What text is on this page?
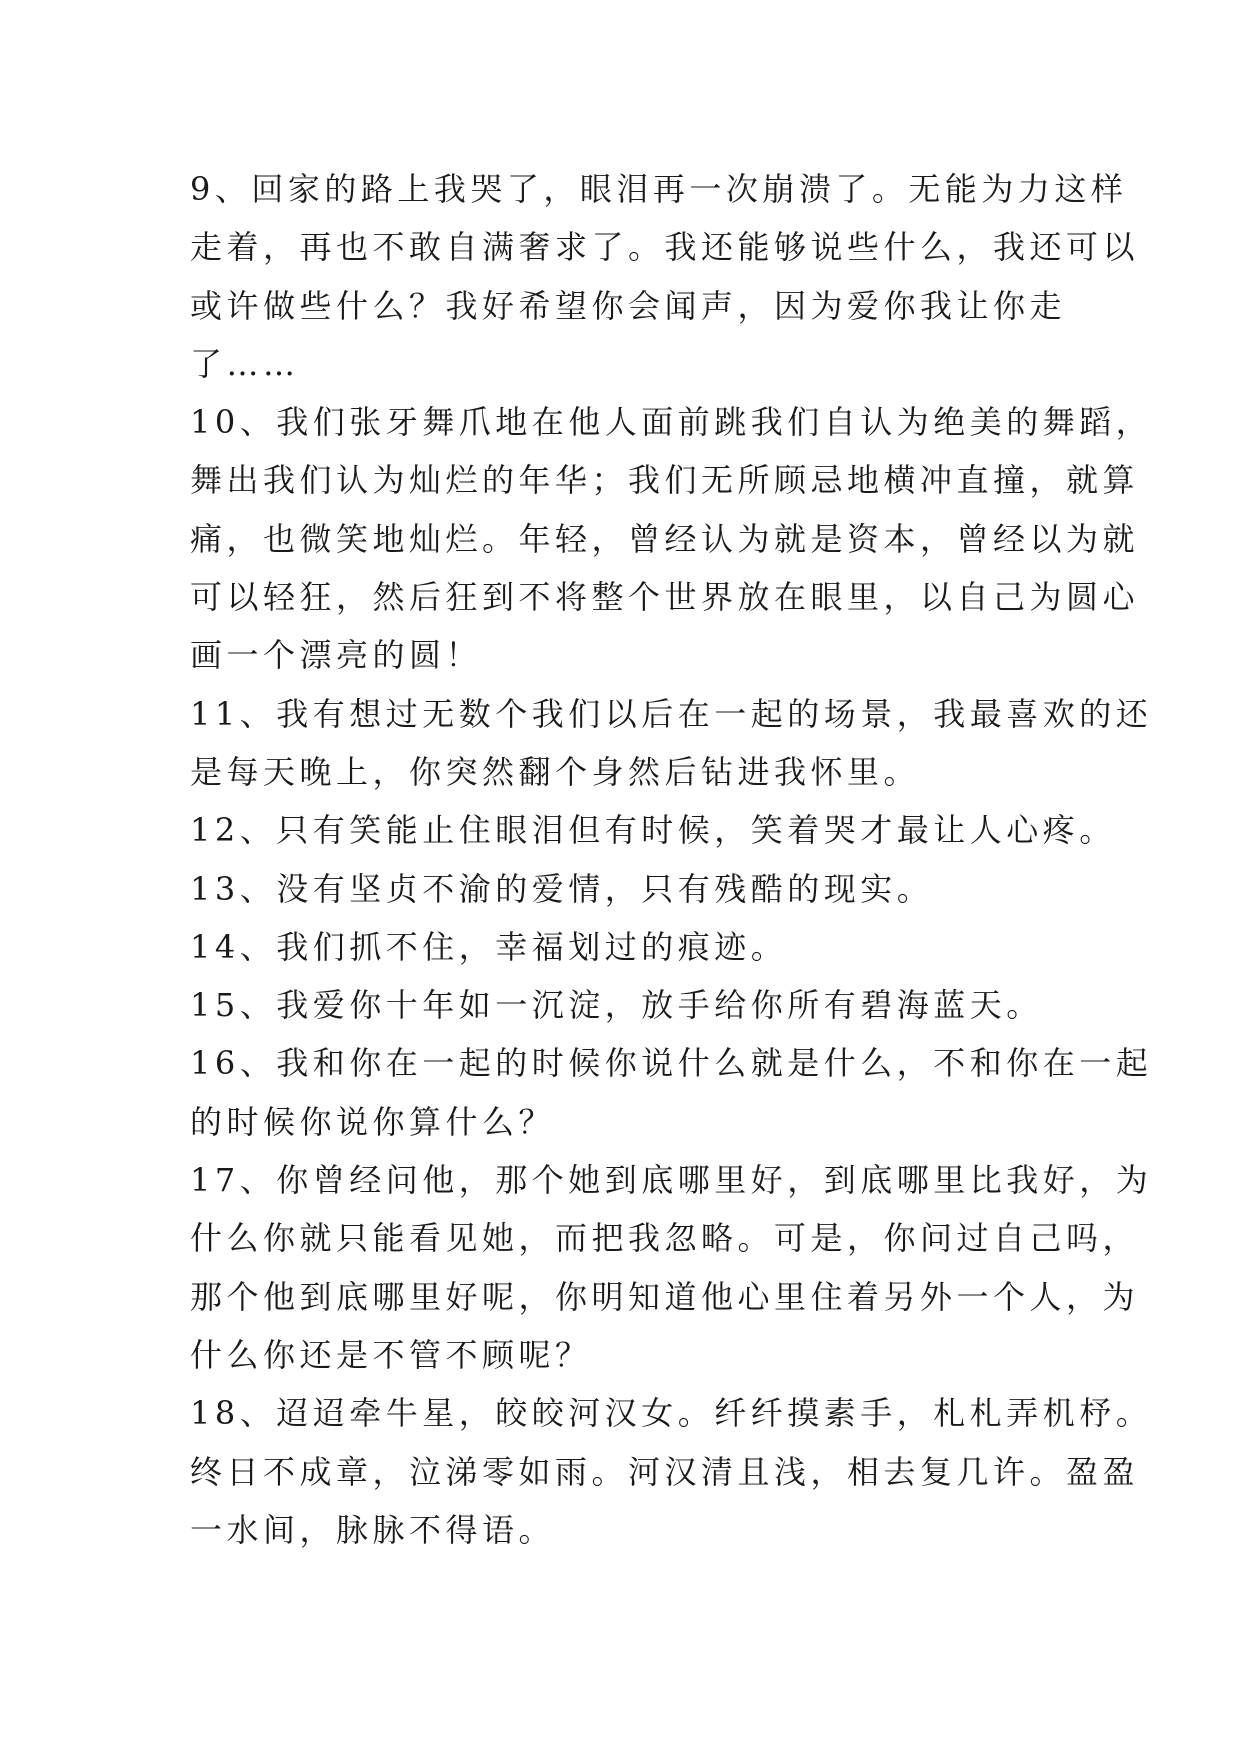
9、回家的路上我哭了，眼泪再一次崩溃了。无能为力这样
走着，再也不敢自满奢求了。我还能够说些什么，我还可以
或许做些什么？我好希望你会闻声，因为爱你我让你走
了……
10、我们张牙舞爪地在他人面前跳我们自认为绝美的舞蹈，
舞出我们认为灿烂的年华；我们无所顾忌地横冲直撞，就算
痛，也微笑地灿烂。年轻，曾经认为就是资本，曾经以为就
可以轻狂，然后狂到不将整个世界放在眼里，以自己为圆心
画一个漂亮的圆！
11、我有想过无数个我们以后在一起的场景，我最喜欢的还
是每天晚上，你突然翻个身然后钻进我怀里。
12、只有笑能止住眼泪但有时候，笑着哭才最让人心疼。
13、没有坚贞不渝的爱情，只有残酷的现实。
14、我们抓不住，幸福划过的痕迹。
15、我爱你十年如一沉淀，放手给你所有碧海蓝天。
16、我和你在一起的时候你说什么就是什么，不和你在一起
的时候你说你算什么？
17、你曾经问他，那个她到底哪里好，到底哪里比我好，为
什么你就只能看见她，而把我忽略。可是，你问过自己吗，
那个他到底哪里好呢，你明知道他心里住着另外一个人，为
什么你还是不管不顾呢？
18、迢迢牵牛星，皎皎河汉女。纤纤摸素手，札札弄机杼。
终日不成章，泣涕零如雨。河汉清且浅，相去复几许。盈盈
一水间，脉脉不得语。
